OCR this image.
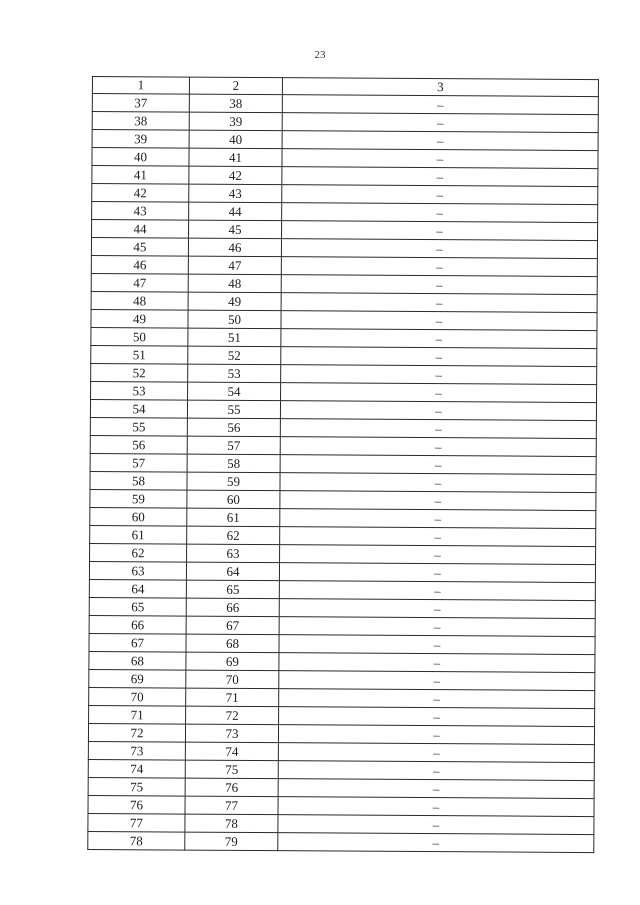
23
1	2	3
37	38	–
38	39	–
39	40	–
40	41	–
41	42	–
42	43	–
43	44	–
44	45	–
45	46	–
46	47	–
47	48	–
48	49	–
49	50	–
50	51	–
51	52	–
52	53	–
53	54	–
54	55	–
55	56	–
56	57	–
57	58	–
58	59	–
59	60	–
60	61	–
61	62	–
62	63	–
63	64	–
64	65	–
65	66	–
66	67	–
67	68	–
68	69	–
69	70	–
70	71	–
71	72	–
72	73	–
73	74	–
74	75	–
75	76	–
76	77	–
77	78	–
78	79	–
